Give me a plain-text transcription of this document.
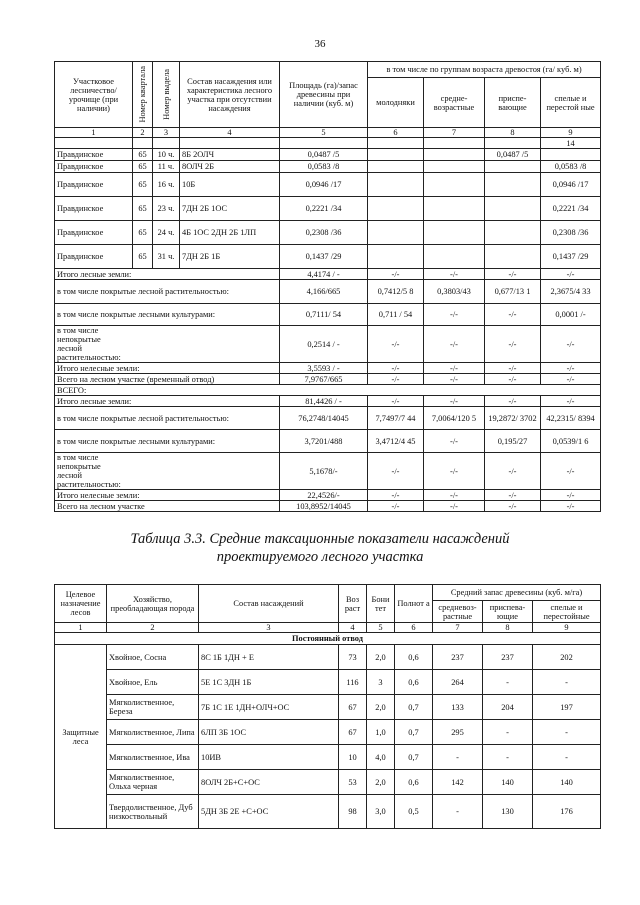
36
Участковое лесничество/ урочище (при наличии)	Номер квартала	Номер выдела	Состав насаждения или характеристика лесного участка при отсутствии насаждения	Площадь (га)/запас древесины при наличии (куб. м)	в том числе по группам возраста древостоя (га/ куб. м)			
					молодняки	средне-возрастные	приспе-вающие	спелые и перестой ные
1	2	3	4	5	6	7	8	9
								14
Правдинское	65	10 ч.	8Б 2ОЛЧ	0,0487 /5			0,0487 /5	
Правдинское	65	11 ч.	8ОЛЧ 2Б	0,0583 /8				0,0583 /8
Правдинское	65	16 ч.	10Б	0,0946 /17				0,0946 /17
Правдинское	65	23 ч.	7ДН 2Б 1ОС	0,2221 /34				0,2221 /34
Правдинское	65	24 ч.	4Б 1ОС 2ДН 2Б 1ЛП	0,2308 /36				0,2308 /36
Правдинское	65	31 ч.	7ДН 2Б 1Б	0,1437 /29				0,1437 /29
Итого лесные земли:				4,4174 / -	-/-	-/-	-/-	-/-
в том числе покрытые лесной растительностью:				4,166/665	0,7412/5 8	0,3803/43	0,677/13 1	2,3675/4 33
в том числе покрытые лесными культурами:				0,7111/ 54	0,711 / 54	-/-	-/-	0,0001 /-
в том числе непокрытые лесной растительностью:				0,2514 / -	-/-	-/-	-/-	-/-
Итого нелесные земли:				3,5593 / -	-/-	-/-	-/-	-/-
Всего на лесном участке (временный отвод)				7,9767/665	-/-	-/-	-/-	-/-
ВСЕГО:								
Итого лесные земли:				81,4426 / -	-/-	-/-	-/-	-/-
в том числе покрытые лесной растительностью:				76,2748/14045	7,7497/7 44	7,0064/120 5	19,2872/ 3702	42,2315/ 8394
в том числе покрытые лесными культурами:				3,7201/488	3,4712/4 45	-/-	0,195/27	0,0539/1 6
в том числе непокрытые лесной растительностью:				5,1678/-	-/-	-/-	-/-	-/-
Итого нелесные земли:				22,4526/-	-/-	-/-	-/-	-/-
Всего на лесном участке				103,8952/14045	-/-	-/-	-/-	-/-
Таблица 3.3. Средние таксационные показатели насаждений
проектируемого лесного участка
Целевое назначение лесов	Хозяйство, преобладающая порода	Состав насаждений	Воз раст	Бони тет	Полнот а	Средний запас древесины (куб. м/га)		
						средневоз-растные	приспева-ющие	спелые и перестойные
1	2	3	4	5	6	7	8	9
Постоянный отвод								
Защитные леса	Хвойное, Сосна	8С 1Б 1ДН + Е	73	2,0	0,6	237	237	202
	Хвойное, Ель	5Е 1С 3ДН 1Б	116	3	0,6	264	-	-
	Мягколиственное, Береза	7Б 1С 1Е 1ДН+ОЛЧ+ОС	67	2,0	0,7	133	204	197
	Мягколиственное, Липа	6ЛП 3Б 1ОС	67	1,0	0,7	295	-	-
	Мягколиственное, Ива	10ИВ	10	4,0	0,7	-	-	-
	Мягколиственное, Ольха черная	8ОЛЧ 2Б+С+ОС	53	2,0	0,6	142	140	140
	Твердолиственное, Дуб низкоствольный	5ДН 3Б 2Е +С+ОС	98	3,0	0,5	-	130	176
